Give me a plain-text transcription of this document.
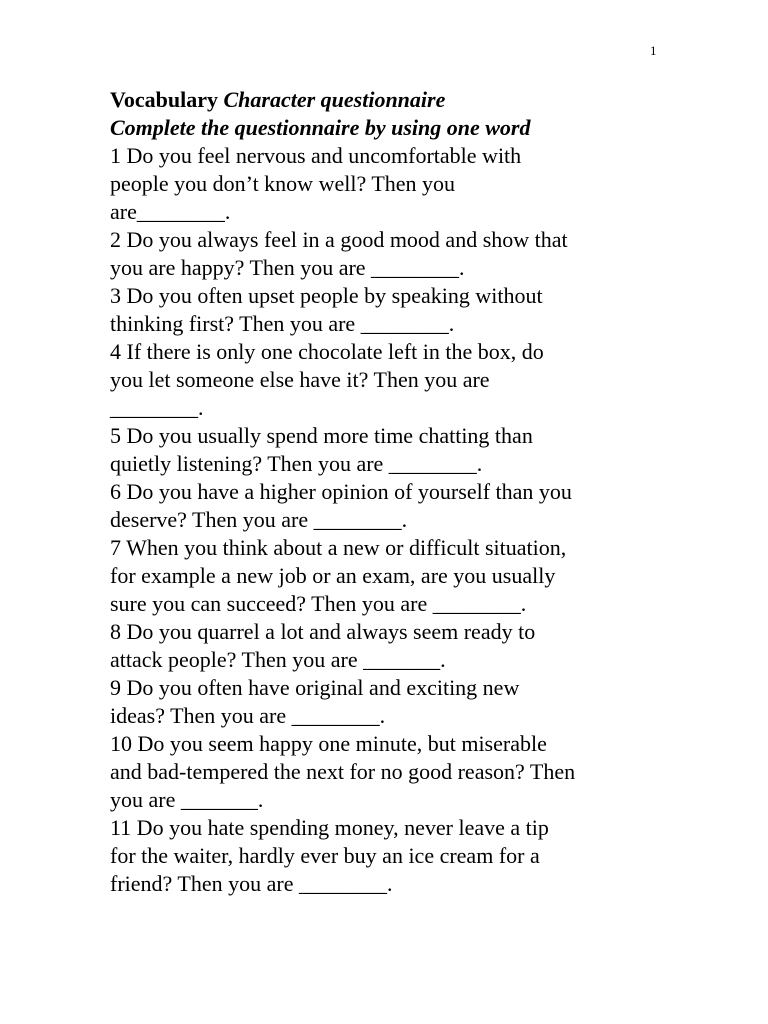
1
Vocabulary Character questionnaire
Complete the questionnaire by using one word
1 Do you feel nervous and uncomfortable with
people you don’t know well? Then you
are________.
2 Do you always feel in a good mood and show that
you are happy? Then you are ________.
3 Do you often upset people by speaking without
thinking first? Then you are ________.
4 If there is only one chocolate left in the box, do
you let someone else have it? Then you are
________.
5 Do you usually spend more time chatting than
quietly listening? Then you are ________.
6 Do you have a higher opinion of yourself than you
deserve? Then you are ________.
7 When you think about a new or difficult situation,
for example a new job or an exam, are you usually
sure you can succeed? Then you are ________.
8 Do you quarrel a lot and always seem ready to
attack people? Then you are _______.
9 Do you often have original and exciting new
ideas? Then you are ________.
10 Do you seem happy one minute, but miserable
and bad-tempered the next for no good reason? Then
you are _______.
11 Do you hate spending money, never leave a tip
for the waiter, hardly ever buy an ice cream for a
friend? Then you are ________.
